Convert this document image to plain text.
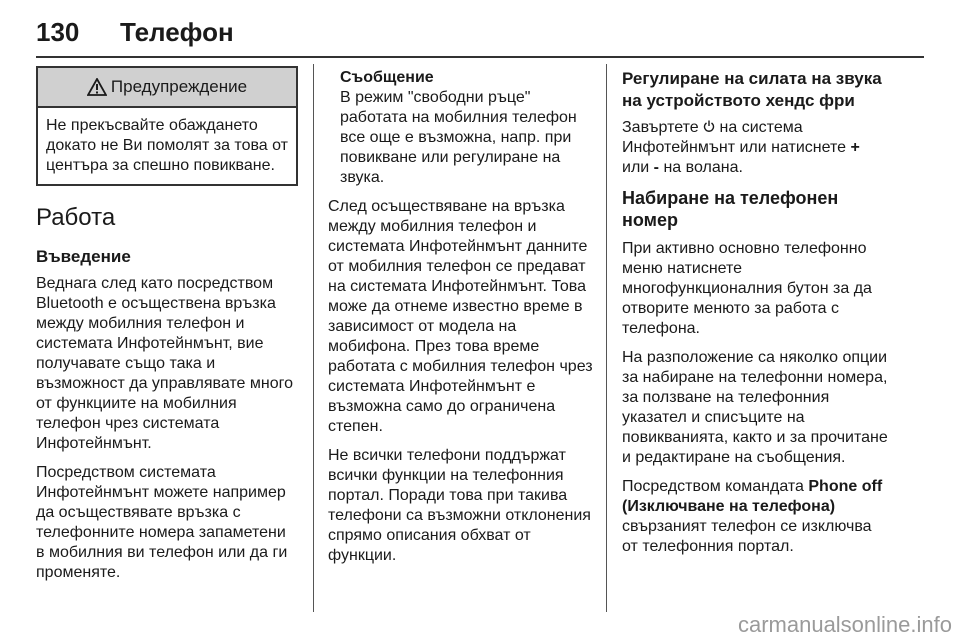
130	Телефон
Предупреждение
Не прекъсвайте обаждането докато не Ви помолят за това от центъра за спешно повикване.
Работа
Въведение

Веднага след като посредством Bluetooth е осъществена връзка между мобилния телефон и системата Инфотейнмънт, вие получавате също така и възможност да управлявате много от функциите на мобилния телефон чрез системата Инфотейнмънт.

Посредством системата Инфотейнмънт можете например да осъществявате връзка с телефонните номера запаметени в мобилния ви телефон или да ги променяте.

Съобщение

В режим "свободни ръце" работата на мобилния телефон все още е възможна, напр. при повикване или регулиране на звука.

След осъществяване на връзка между мобилния телефон и системата Инфотейнмънт данните от мобилния телефон се предават на системата Инфотейнмънт. Това може да отнеме известно време в зависимост от модела на мобифона. През това време работата с мобилния телефон чрез системата Инфотейнмънт е възможна само до ограничена степен.

Не всички телефони поддържат всички функции на телефонния портал. Поради това при такива телефони са възможни отклонения спрямо описания обхват от функции.

Регулиране на силата на звука на устройството хендс фри

Завъртете на система Инфотейнмънт или натиснете + или - на волана.

Набиране на телефонен номер

При активно основно телефонно меню натиснете многофункционалния бутон за да отворите менюто за работа с телефона.

На разположение са няколко опции за набиране на телефонни номера, за ползване на телефонния указател и списъците на повикванията, както и за прочитане и редактиране на съобщения.

Посредством командата Phone off (Изключване на телефона) свързаният телефон се изключва от телефонния портал.

carmanualsonline.info
